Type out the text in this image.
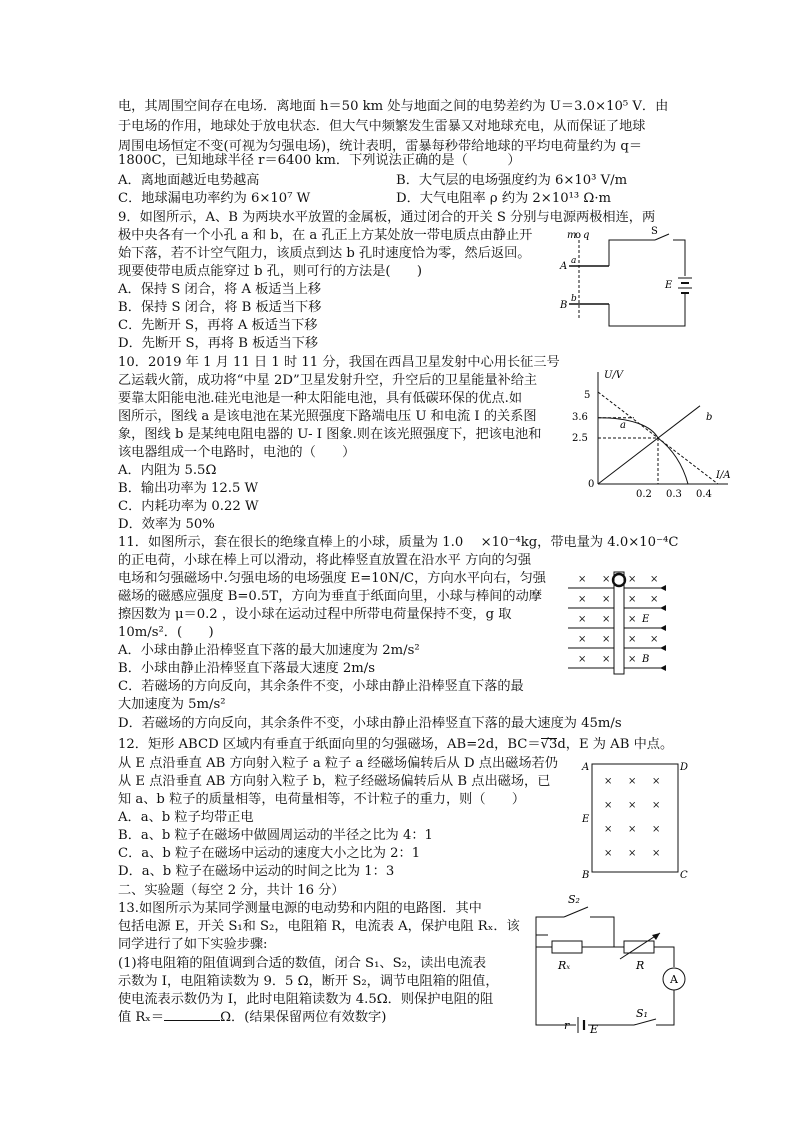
电，其周围空间存在电场．离地面 h＝50 km 处与地面之间的电势差约为 U＝3.0×10⁵ V．由
于电场的作用，地球处于放电状态．但大气中频繁发生雷暴又对地球充电，从而保证了地球
周围电场恒定不变(可视为匀强电场)，统计表明，雷暴每秒带给地球的平均电荷量约为 q＝
1800C，已知地球半径 r＝6400 km．下列说法正确的是（　　　）
A．离地面越近电势越高	B．大气层的电场强度约为 6×10³ V/m
C．地球漏电功率约为 6×10⁷ W	D．大气电阻率 ρ 约为 2×10¹³ Ω·m
9．如图所示，A、B 为两块水平放置的金属板，通过闭合的开关 S 分别与电源两极相连，两
极中央各有一个小孔 a 和 b，在 a 孔正上方某处放一带电质点由静止开
始下落，若不计空气阻力，该质点到达 b 孔时速度恰为零，然后返回。
现要使带电质点能穿过 b 孔，则可行的方法是(　　)
A．保持 S 闭合，将 A 板适当上移
B．保持 S 闭合，将 B 板适当下移
C．先断开 S，再将 A 板适当下移
D．先断开 S，再将 B 板适当下移
m
o q
A a
B
b
S
E
10．2019 年 1 月 11 日 1 时 11 分，我国在西昌卫星发射中心用长征三号
乙运载火箭，成功将“中星 2D”卫星发射升空，升空后的卫星能量补给主
要靠太阳能电池.硅光电池是一种太阳能电池，具有低碳环保的优点.如
图所示，图线 a 是该电池在某光照强度下路端电压 U 和电流 I 的关系图
象，图线 b 是某纯电阻电器的 U- I 图象.则在该光照强度下，把该电池和
该电器组成一个电路时，电池的（　　）
A．内阻为 5.5Ω
B．输出功率为 12.5 W
C．内耗功率为 0.22 W
D．效率为 50%
U/V
I/A
0
5
3.6
2.5
0.2 0.3 0.4
a
b
11．如图所示，套在很长的绝缘直棒上的小球，质量为 1.0 　×10⁻⁴kg，带电量为 4.0×10⁻⁴C
的正电荷，小球在棒上可以滑动，将此棒竖直放置在沿水平 方向的匀强
电场和匀强磁场中.匀强电场的电场强度 E=10N/C，方向水平向右，匀强
磁场的磁感应强度 B=0.5T，方向为垂直于纸面向里，小球与棒间的动摩
擦因数为 μ＝0.2 ，设小球在运动过程中所带电荷量保持不变，g 取
10m/s²．(　　)
A．小球由静止沿棒竖直下落的最大加速度为 2m/s²
B．小球由静止沿棒竖直下落最大速度 2m/s
C．若磁场的方向反向，其余条件不变，小球由静止沿棒竖直下落的最
大加速度为 5m/s²
D．若磁场的方向反向，其余条件不变，小球由静止沿棒竖直下落的最大速度为 45m/s
× × × ×
× × × ×
× × ×
× × × ×
× × ×
E
B
12．矩形 ABCD 区域内有垂直于纸面向里的匀强磁场，AB=2d，BC＝√3d，E 为 AB 中点。
从 E 点沿垂直 AB 方向射入粒子 a 粒子 a 经磁场偏转后从 D 点出磁场若仍
从 E 点沿垂直 AB 方向射入粒子 b，粒子经磁场偏转后从 B 点出磁场，已
知 a、b 粒子的质量相等，电荷量相等，不计粒子的重力，则（　　）
A．a、b 粒子均带正电
B．a、b 粒子在磁场中做圆周运动的半径之比为 4：1
C．a、b 粒子在磁场中运动的速度大小之比为 2：1
D．a、b 粒子在磁场中运动的时间之比为 1：3
A
B	C
D
E
× × ×
× × ×
× × ×
× × ×
二、实验题（每空 2 分，共计 16 分）
13.如图所示为某同学测量电源的电动势和内阻的电路图．其中
包括电源 E，开关 S₁和 S₂，电阻箱 R，电流表 A，保护电阻 Rₓ．该
同学进行了如下实验步骤:
(1)将电阻箱的阻值调到合适的数值，闭合 S₁、S₂，读出电流表
示数为 I，电阻箱读数为 9．5 Ω，断开 S₂，调节电阻箱的阻值，
使电流表示数仍为 I，此时电阻箱读数为 4.5Ω．则保护电阻的阻
值 Rₓ＝	Ω．(结果保留两位有效数字)
S₂
Rₓ	R
A
r E
S₁
